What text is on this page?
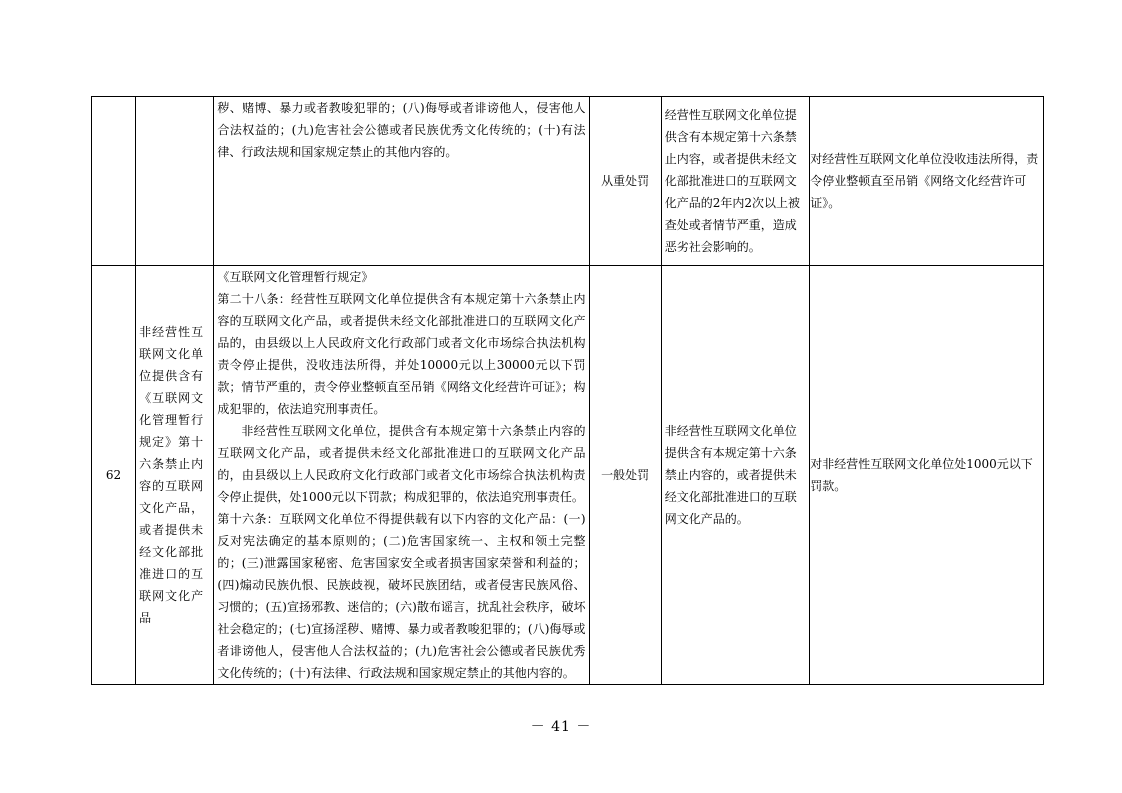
		秽、赌博、暴力或者教唆犯罪的；(八)侮辱或者诽谤他人，侵害他人合法权益的；(九)危害社会公德或者民族优秀文化传统的；(十)有法律、行政法规和国家规定禁止的其他内容的。	从重处罚	经营性互联网文化单位提供含有本规定第十六条禁止内容，或者提供未经文化部批准进口的互联网文化产品的2年内2次以上被查处或者情节严重，造成恶劣社会影响的。	对经营性互联网文化单位没收违法所得，责令停业整顿直至吊销《网络文化经营许可证》。
62	非经营性互联网文化单位提供含有《互联网文化管理暂行规定》第十六条禁止内容的互联网文化产品，或者提供未经文化部批准进口的互联网文化产品	《互联网文化管理暂行规定》

第二十八条：经营性互联网文化单位提供含有本规定第十六条禁止内容的互联网文化产品，或者提供未经文化部批准进口的互联网文化产品的，由县级以上人民政府文化行政部门或者文化市场综合执法机构责令停止提供，没收违法所得，并处10000元以上30000元以下罚款；情节严重的，责令停业整顿直至吊销《网络文化经营许可证》；构成犯罪的，依法追究刑事责任。

非经营性互联网文化单位，提供含有本规定第十六条禁止内容的互联网文化产品，或者提供未经文化部批准进口的互联网文化产品的，由县级以上人民政府文化行政部门或者文化市场综合执法机构责令停止提供，处1000元以下罚款；构成犯罪的，依法追究刑事责任。

第十六条：互联网文化单位不得提供载有以下内容的文化产品：(一)反对宪法确定的基本原则的；(二)危害国家统一、主权和领土完整的；(三)泄露国家秘密、危害国家安全或者损害国家荣誉和利益的；(四)煽动民族仇恨、民族歧视，破坏民族团结，或者侵害民族风俗、习惯的；(五)宣扬邪教、迷信的；(六)散布谣言，扰乱社会秩序，破坏社会稳定的；(七)宣扬淫秽、赌博、暴力或者教唆犯罪的；(八)侮辱或者诽谤他人，侵害他人合法权益的；(九)危害社会公德或者民族优秀文化传统的；(十)有法律、行政法规和国家规定禁止的其他内容的。	一般处罚	非经营性互联网文化单位提供含有本规定第十六条禁止内容的，或者提供未经文化部批准进口的互联网文化产品的。	对非经营性互联网文化单位处1000元以下罚款。
－ 41 －
